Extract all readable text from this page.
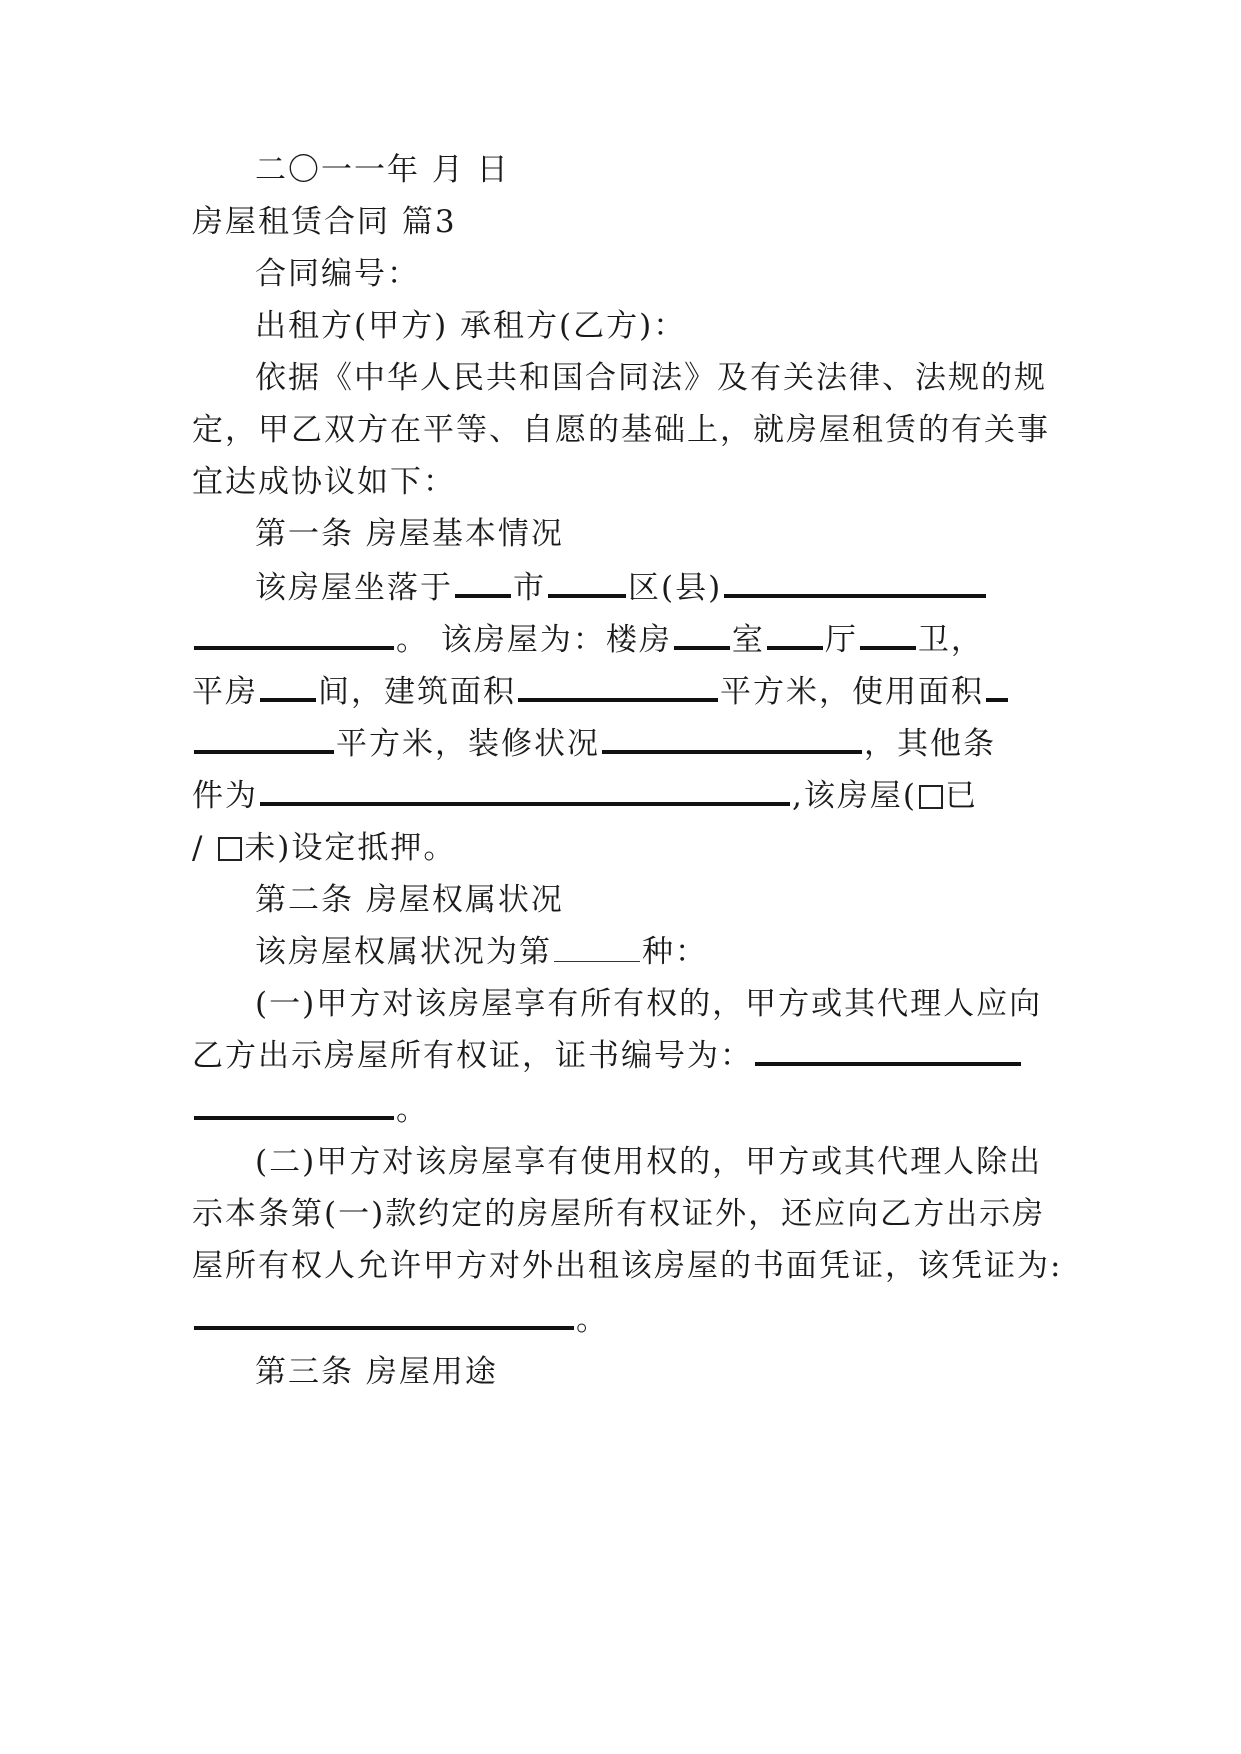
二〇一一年 月 日
房屋租赁合同 篇3
合同编号：
出租方(甲方) 承租方(乙方)：
依据《中华人民共和国合同法》及有关法律、法规的规
定，甲乙双方在平等、自愿的基础上，就房屋租赁的有关事
宜达成协议如下：
第一条 房屋基本情况
该房屋坐落于 市	区(县)
。 该房屋为：楼房 室 厅 卫，
平房 间，建筑面积	平方米，使用面积
平方米，装修状况	，其他条
件为	,该房屋( 已
/ 未)设定抵押。
第二条 房屋权属状况
该房屋权属状况为第	种：
(一)甲方对该房屋享有所有权的，甲方或其代理人应向
乙方出示房屋所有权证，证书编号为：
。
(二)甲方对该房屋享有使用权的，甲方或其代理人除出
示本条第(一)款约定的房屋所有权证外，还应向乙方出示房
屋所有权人允许甲方对外出租该房屋的书面凭证，该凭证为:
。
第三条 房屋用途
